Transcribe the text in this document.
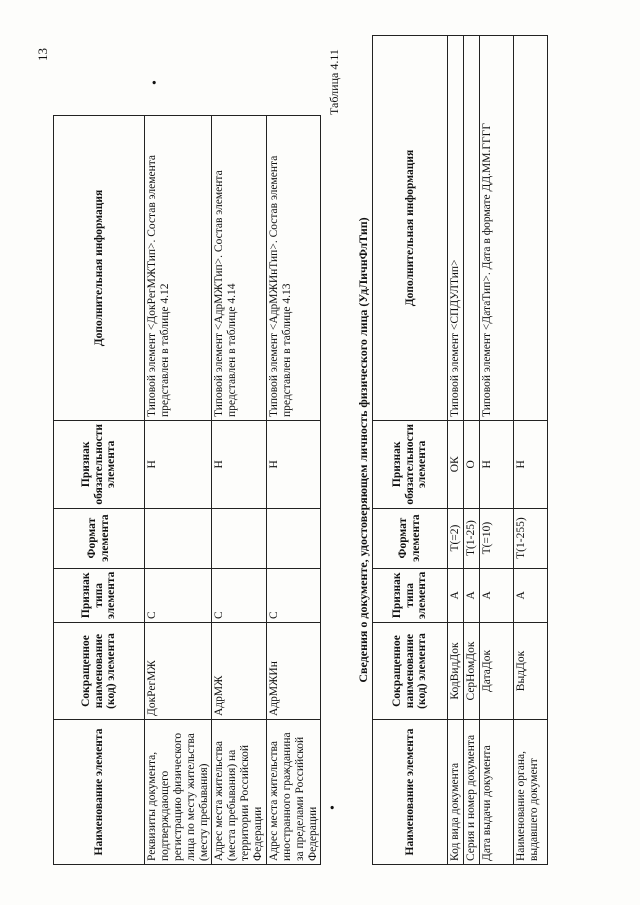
13
•
•
Наименование элемента	Сокращенное наименование (код) элемента	Признак типа элемента	Формат элемента	Признак обязательности элемента	Дополнительная информация
Реквизиты документа, подтверждающего регистрацию физического лица по месту жительства (месту пребывания)	ДокРегМЖ	С		Н	Типовой элемент <ДокРегМЖТип>. Состав элемента представлен в таблице 4.12
Адрес места жительства (места пребывания) на территории Российской Федерации	АдрМЖ	С		Н	Типовой элемент <АдрМЖТип>. Состав элемента представлен в таблице 4.14
Адрес места жительства иностранного гражданина за пределами Российской Федерации	АдрМЖИн	С		Н	Типовой элемент <АдрМЖИнТип>. Состав элемента представлен в таблице 4.13
Таблица 4.11
Сведения о документе, удостоверяющем личность физического лица (УдЛичнФлТип)
Наименование элемента	Сокращенное наименование (код) элемента	Признак типа элемента	Формат элемента	Признак обязательности элемента	Дополнительная информация
Код вида документа	КодВидДок	А	T(=2)	ОК	Типовой элемент <СПДУЛТип>
Серия и номер документа	СерНомДок	А	T(1-25)	О	
Дата выдачи документа	ДатаДок	А	T(=10)	Н	Типовой элемент <ДатаТип>. Дата в формате ДД.ММ.ГГГГ
Наименование органа, выдавшего документ	ВыдДок	А	T(1-255)	Н	
